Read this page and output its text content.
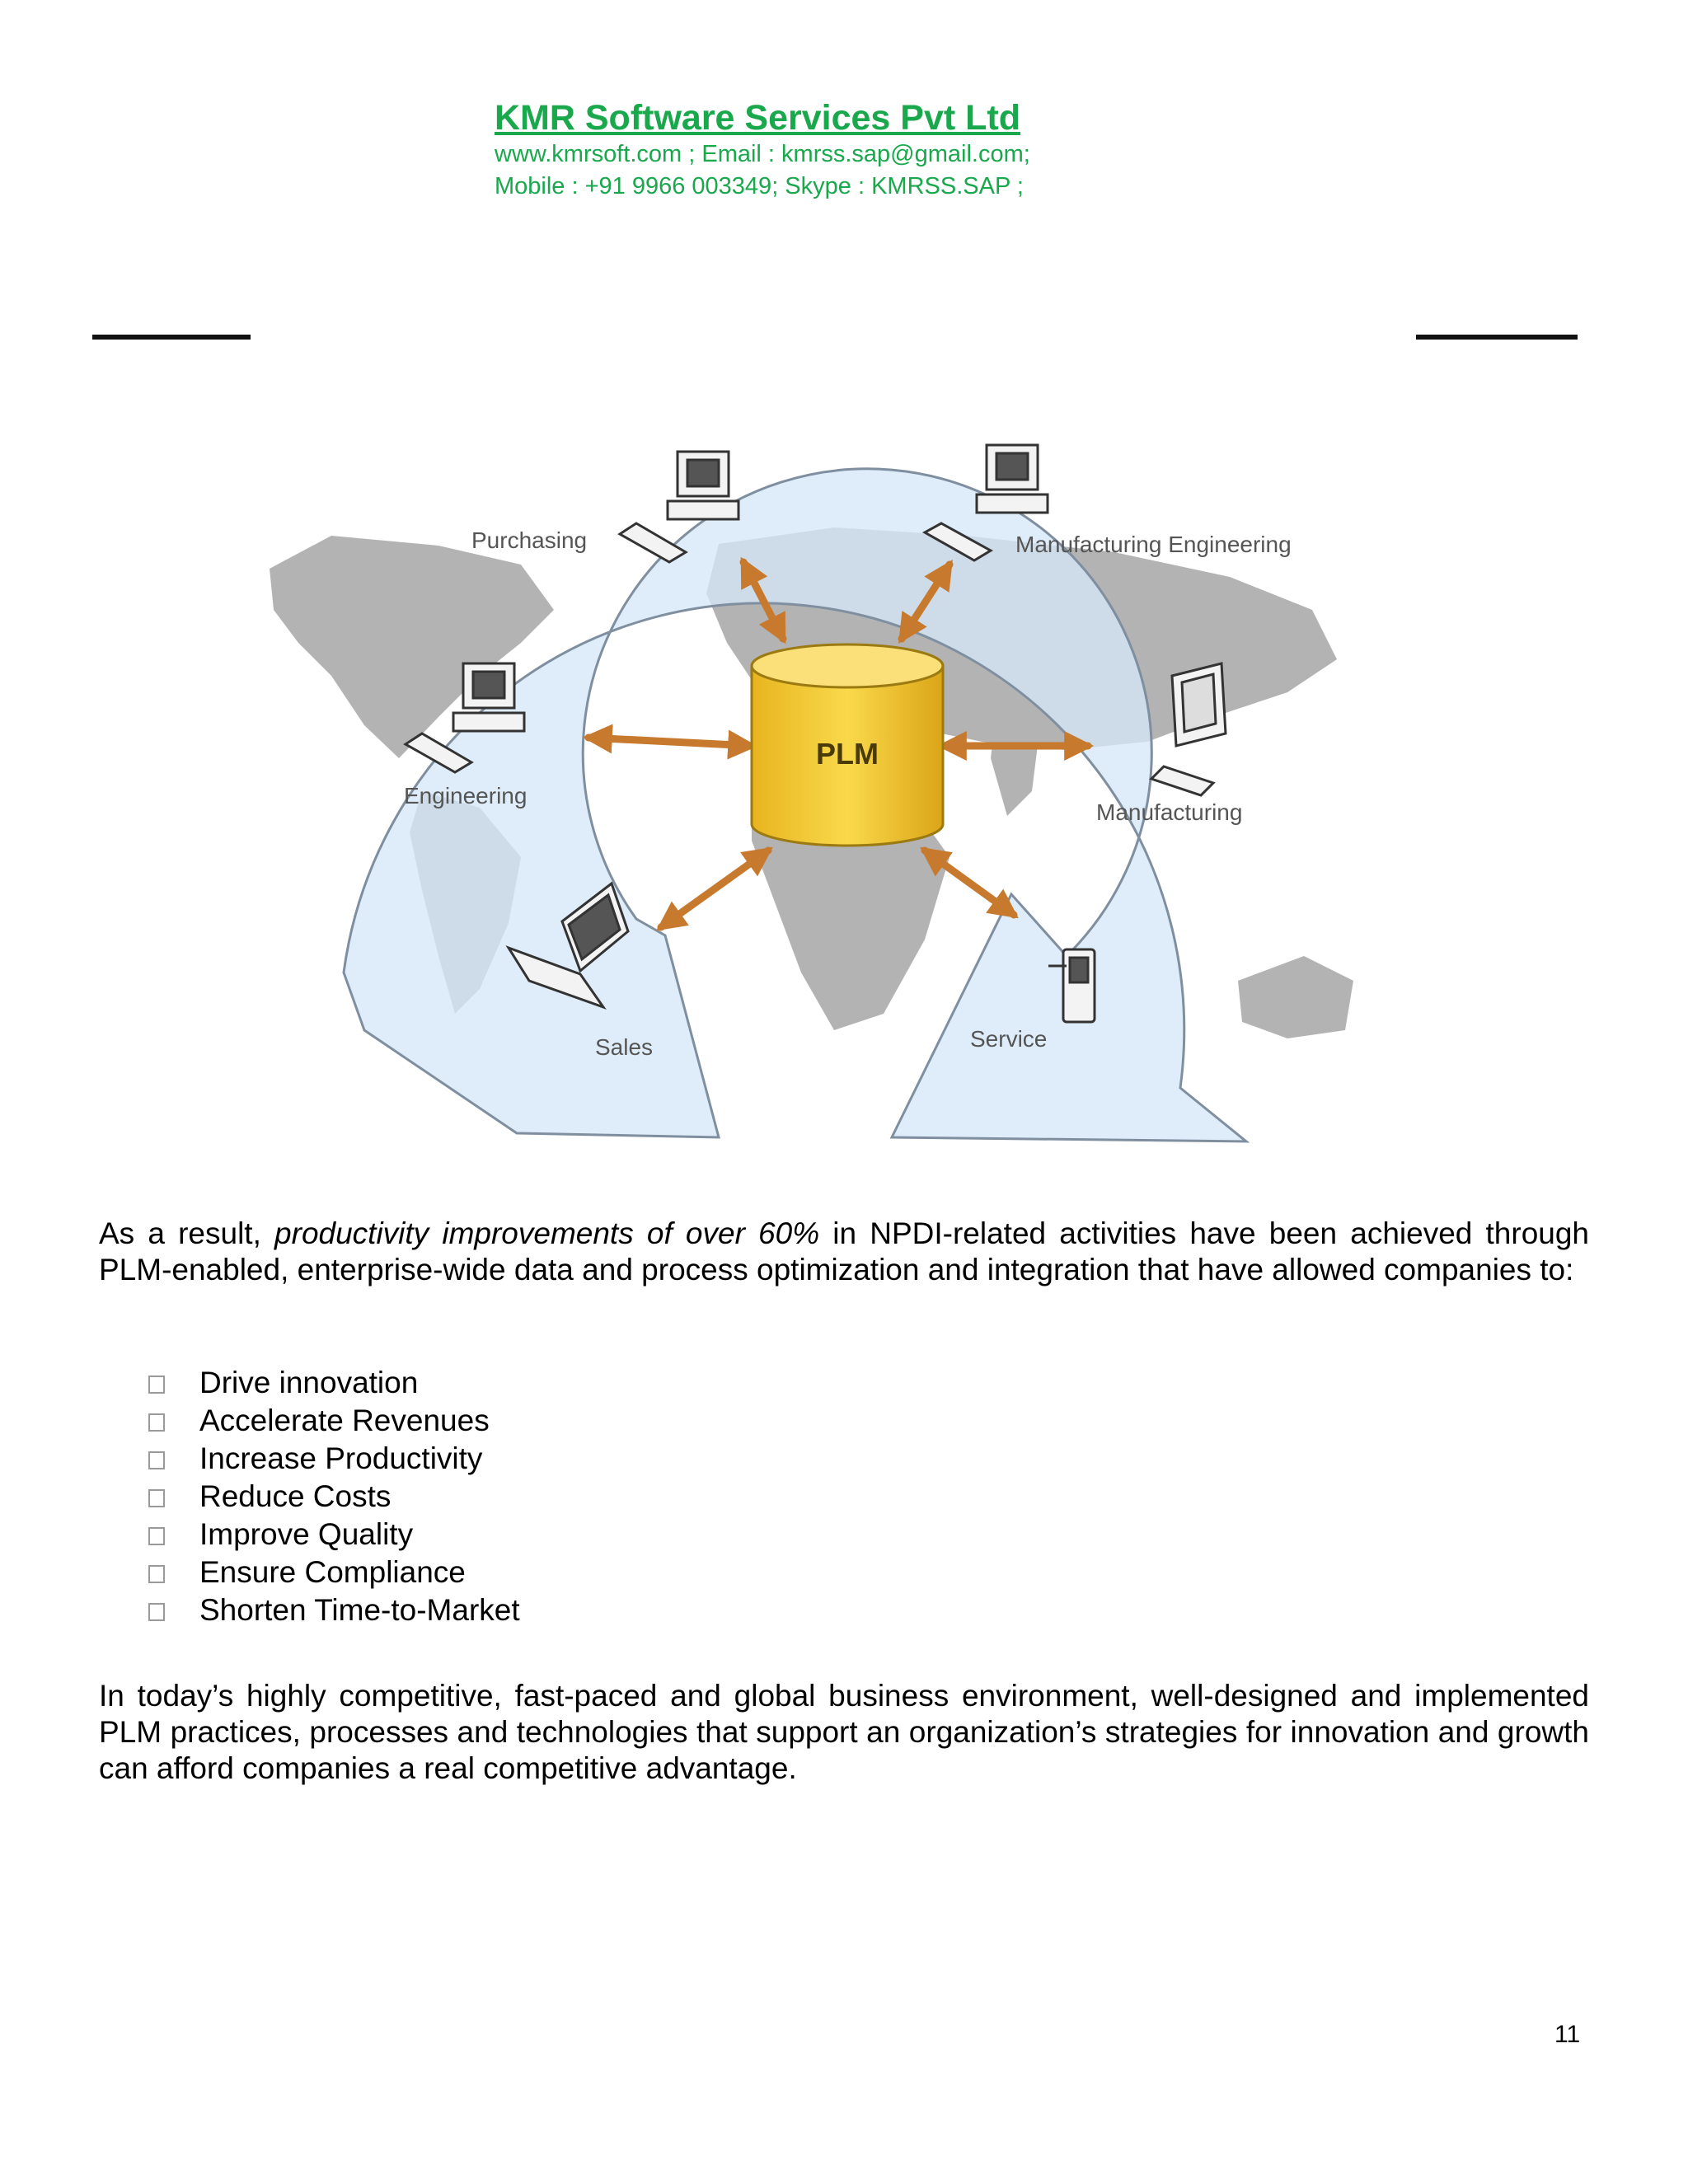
KMR Software Services Pvt Ltd
www.kmrsoft.com ; Email : kmrss.sap@gmail.com;
Mobile : +91 9966 003349; Skype : KMRSS.SAP ;
PLM
Purchasing	Manufacturing Engineering
Engineering
Manufacturing
Sales	Service
As a result, productivity improvements of over 60% in NPDI-related activities have been achieved through PLM-enabled, enterprise-wide data and process optimization and integration that have allowed companies to:
Drive innovation
Accelerate Revenues
Increase Productivity
Reduce Costs
Improve Quality
Ensure Compliance
Shorten Time-to-Market
In today’s highly competitive, fast-paced and global business environment, well-designed and implemented PLM practices, processes and technologies that support an organization’s strategies for innovation and growth can afford companies a real competitive advantage.
11
